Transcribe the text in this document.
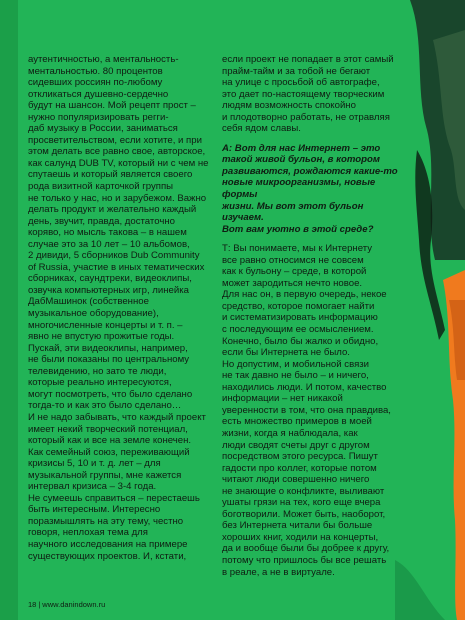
аутентичностью, а ментальность-
ментальностью. 80 процентов
сидевших россиян по-любому
откликаться душевно-сердечно
будут на шансон. Мой рецепт прост –
нужно популяризировать регги-
даб музыку в России, заниматься
просветительством, если хотите, и при
этом делать все равно свое, авторское,
как салунд DUB TV, который ни с чем не
спутаешь и который является своего
рода визитной карточкой группы
не только у нас, но и зарубежом. Важно
делать продукт и желательно каждый
день, звучит, правда, достаточно
коряво, но мысль такова – в нашем
случае это за 10 лет – 10 альбомов,
2 дивиди, 5 сборников Dub Community
of Russia, участие в иных тематических
сборниках, саундтреки, видеоклипы,
озвучка компьютерных игр, линейка
ДабМашинок (собственное
музыкальное оборудование),
многочисленные концерты и т. п. –
явно не впустую прожитые годы.
Пускай, эти видеоклипы, например,
не были показаны по центральному
телевидению, но зато те люди,
которые реально интересуются,
могут посмотреть, что было сделано
тогда-то и как это было сделано…
И не надо забывать, что каждый проект
имеет некий творческий потенциал,
который как и все на земле конечен.
Как семейный союз, переживающий
кризисы 5, 10 и т. д. лет – для
музыкальной группы, мне кажется
интервал кризиса – 3-4 года.
Не сумеешь справиться – перестаешь
быть интересным. Интересно
поразмышлять на эту тему, честно
говоря, неплохая тема для
научного исследования на примере
существующих проектов. И, кстати,

если проект не попадает в этот самый
прайм-тайм и за тобой не бегают
на улице с просьбой об автографе,
это дает по-настоящему творческим
людям возможность спокойно
и плодотворно работать, не отравляя
себя ядом славы.

А: Вот для нас Интернет – это
такой живой бульон, в котором
развиваются, рождаются какие-то
новые микроорганизмы, новые формы
жизни. Мы вот этот бульон изучаем.
Вот вам уютно в этой среде?

Т: Вы понимаете, мы к Интернету
все равно относимся не совсем
как к бульону – среде, в которой
может зародиться нечто новое.
Для нас он, в первую очередь, некое
средство, которое помогает найти
и систематизировать информацию
с последующим ее осмыслением.
Конечно, было бы жалко и обидно,
если бы Интернета не было.
Но допустим, и мобильной связи
не так давно не было – и ничего,
находились люди. И потом, качество
информации – нет никакой
уверенности в том, что она правдива,
есть множество примеров в моей
жизни, когда я наблюдала, как
люди сводят счеты друг с другом
посредством этого ресурса. Пишут
гадости про коллег, которые потом
читают люди совершенно ничего
не знающие о конфликте, выливают
ушаты грязи на тех, кого еще вчера
боготворили. Может быть, наоборот,
без Интернета читали бы больше
хороших книг, ходили на концерты,
да и вообще были бы добрее к другу,
потому что пришлось бы все решать
в реале, а не в виртуале.

18 | www.danindown.ru
